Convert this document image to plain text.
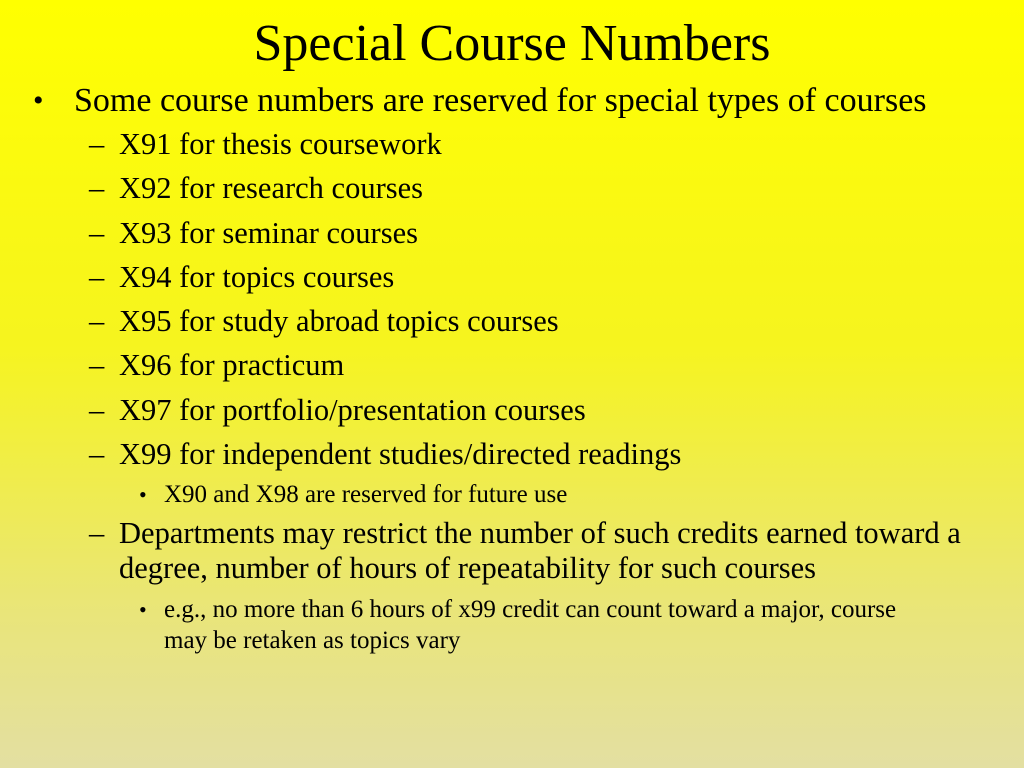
Special Course Numbers
• Some course numbers are reserved for special types of courses
– X91 for thesis coursework
– X92 for research courses
– X93 for seminar courses
– X94 for topics courses
– X95 for study abroad topics courses
– X96 for practicum
– X97 for portfolio/presentation courses
– X99 for independent studies/directed readings
• X90 and X98 are reserved for future use
– Departments may restrict the number of such credits earned toward a degree, number of hours of repeatability for such courses
• e.g., no more than 6 hours of x99 credit can count toward a major, course may be retaken as topics vary
